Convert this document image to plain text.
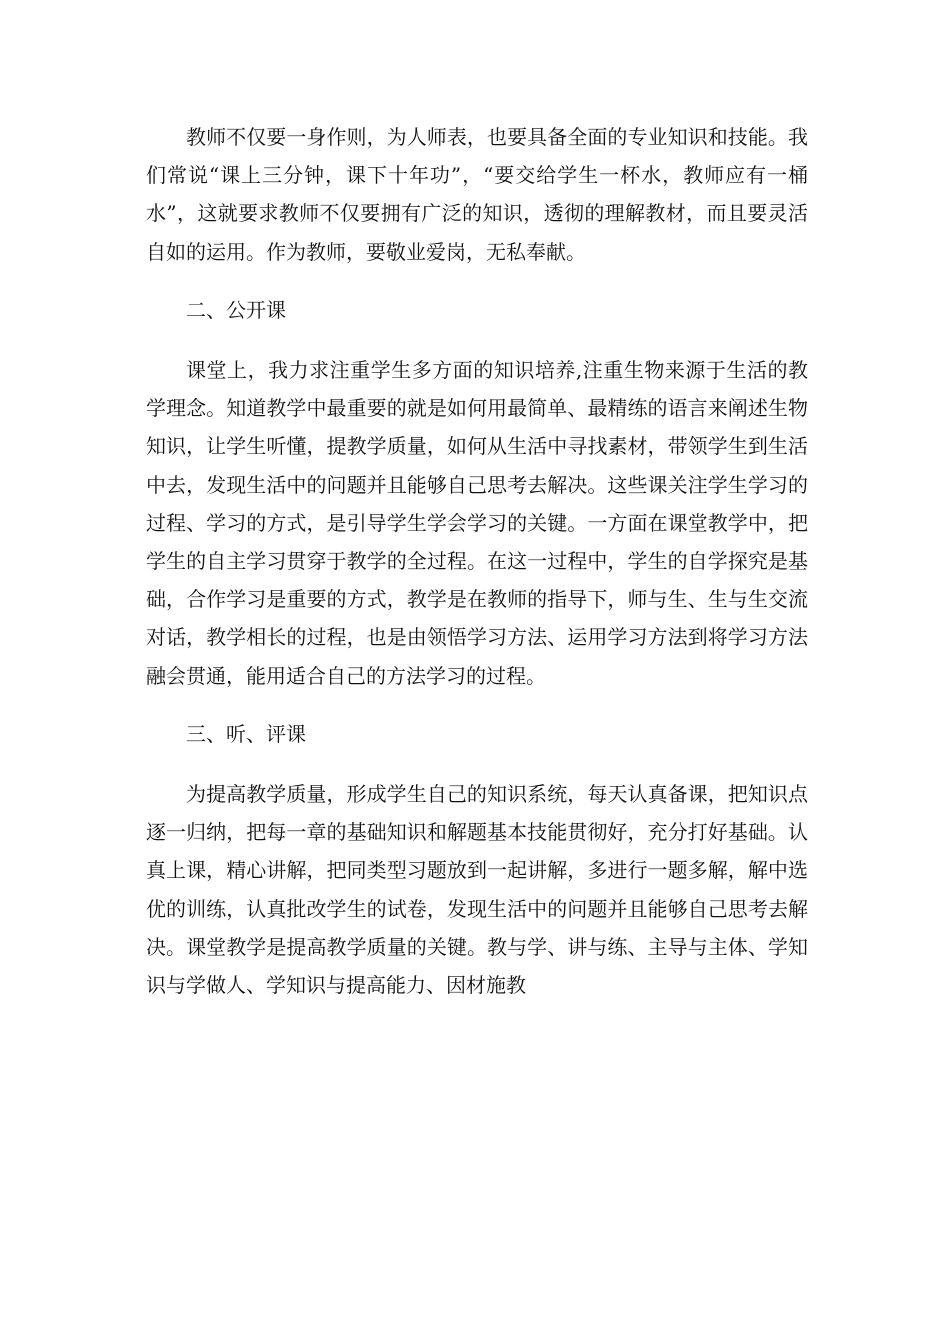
教师不仅要一身作则，为人师表，也要具备全面的专业知识和技能。我们常说“课上三分钟，课下十年功”，“要交给学生一杯水，教师应有一桶水”，这就要求教师不仅要拥有广泛的知识，透彻的理解教材，而且要灵活自如的运用。作为教师，要敬业爱岗，无私奉献。

二、公开课

课堂上，我力求注重学生多方面的知识培养,注重生物来源于生活的教学理念。知道教学中最重要的就是如何用最简单、最精练的语言来阐述生物知识，让学生听懂，提教学质量，如何从生活中寻找素材，带领学生到生活中去，发现生活中的问题并且能够自己思考去解决。这些课关注学生学习的过程、学习的方式，是引导学生学会学习的关键。一方面在课堂教学中，把学生的自主学习贯穿于教学的全过程。在这一过程中，学生的自学探究是基础，合作学习是重要的方式，教学是在教师的指导下，师与生、生与生交流对话，教学相长的过程，也是由领悟学习方法、运用学习方法到将学习方法融会贯通，能用适合自己的方法学习的过程。

三、听、评课

为提高教学质量，形成学生自己的知识系统，每天认真备课，把知识点逐一归纳，把每一章的基础知识和解题基本技能贯彻好，充分打好基础。认真上课，精心讲解，把同类型习题放到一起讲解，多进行一题多解，解中选优的训练，认真批改学生的试卷，发现生活中的问题并且能够自己思考去解决。课堂教学是提高教学质量的关键。教与学、讲与练、主导与主体、学知识与学做人、学知识与提高能力、因材施教
